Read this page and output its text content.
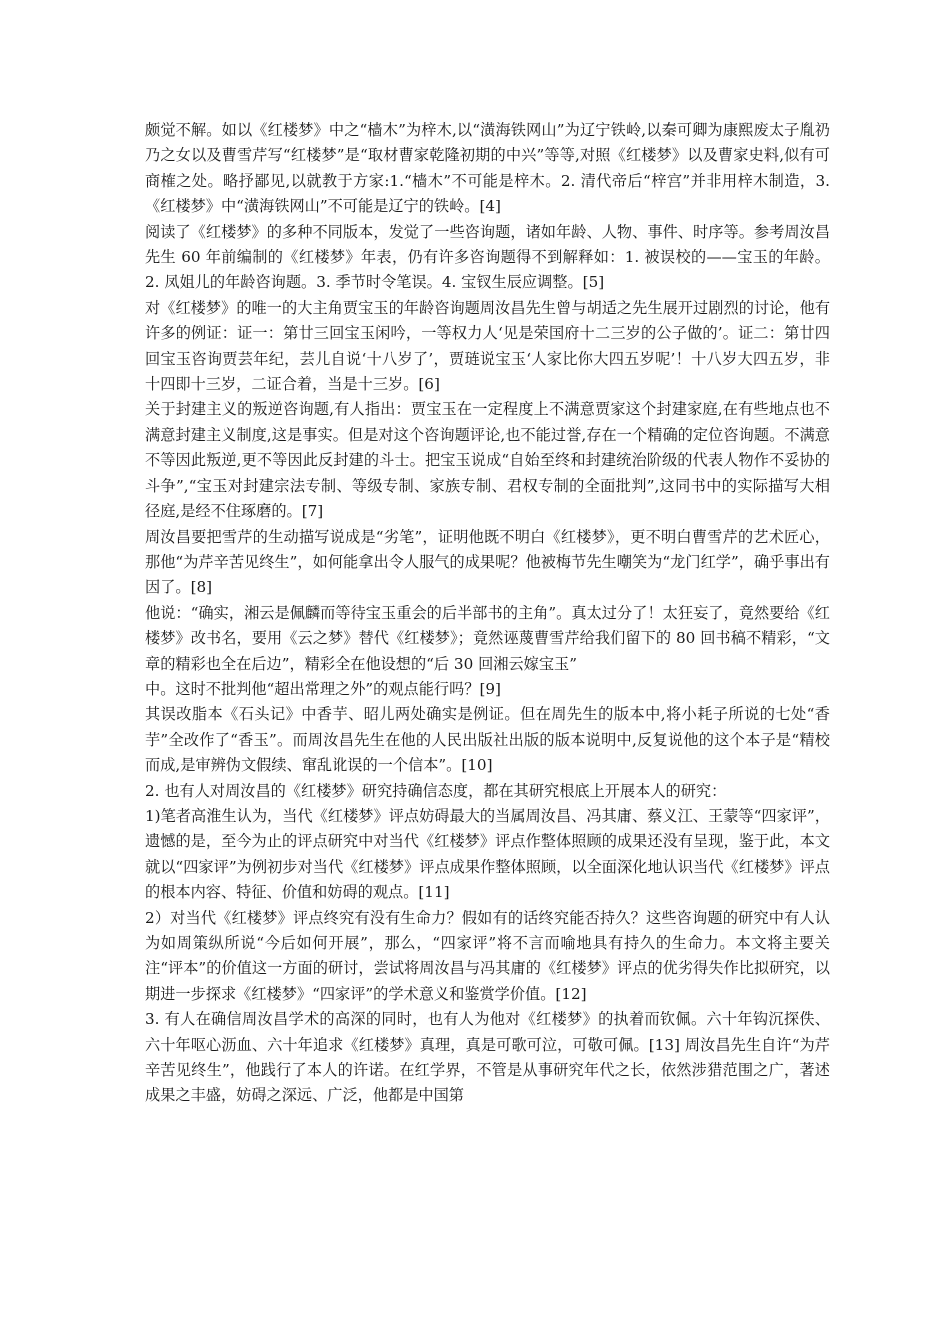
颇觉不解。如以《红楼梦》中之“樯木”为梓木,以“潢海铁网山”为辽宁铁岭,以秦可卿为康熙废太子胤礽乃之女以及曹雪芹写“红楼梦”是“取材曹家乾隆初期的中兴”等等,对照《红楼梦》以及曹家史料,似有可商榷之处。略抒鄙见,以就教于方家:1.“樯木”不可能是梓木。2. 清代帝后“梓宫”并非用梓木制造，3. 《红楼梦》中“潢海铁网山”不可能是辽宁的铁岭。[4]

阅读了《红楼梦》的多种不同版本，发觉了一些咨询题，诸如年龄、人物、事件、时序等。参考周汝昌先生 60 年前编制的《红楼梦》年表，仍有许多咨询题得不到解释如：1. 被误校的——宝玉的年龄。2. 凤姐儿的年龄咨询题。3. 季节时令笔误。4. 宝钗生辰应调整。[5]

对《红楼梦》的唯一的大主角贾宝玉的年龄咨询题周汝昌先生曾与胡适之先生展开过剧烈的讨论，他有许多的例证：证一：第廿三回宝玉闲吟，一等权力人‘见是荣国府十二三岁的公子做的’。证二：第廿四回宝玉咨询贾芸年纪，芸儿自说‘十八岁了’，贾琏说宝玉‘人家比你大四五岁呢’！十八岁大四五岁，非十四即十三岁，二证合着，当是十三岁。[6]

关于封建主义的叛逆咨询题,有人指出：贾宝玉在一定程度上不满意贾家这个封建家庭,在有些地点也不满意封建主义制度,这是事实。但是对这个咨询题评论,也不能过誉,存在一个精确的定位咨询题。不满意不等因此叛逆,更不等因此反封建的斗士。把宝玉说成“自始至终和封建统治阶级的代表人物作不妥协的斗争”,“宝玉对封建宗法专制、等级专制、家族专制、君权专制的全面批判”,这同书中的实际描写大相径庭,是经不住琢磨的。[7]

周汝昌要把雪芹的生动描写说成是“劣笔”，证明他既不明白《红楼梦》，更不明白曹雪芹的艺术匠心，那他“为芹辛苦见终生”，如何能拿出令人服气的成果呢？他被梅节先生嘲笑为“龙门红学”，确乎事出有因了。[8]

他说：“确实，湘云是佩麟而等待宝玉重会的后半部书的主角”。真太过分了！太狂妄了，竟然要给《红楼梦》改书名，要用《云之梦》替代《红楼梦》；竟然诬蔑曹雪芹给我们留下的 80 回书稿不精彩，“文章的精彩也全在后边”，精彩全在他设想的“后 30 回湘云嫁宝玉”

中。这时不批判他“超出常理之外”的观点能行吗？[9]

其误改脂本《石头记》中香芋、昭儿两处确实是例证。但在周先生的版本中,将小耗子所说的七处“香芋”全改作了“香玉”。而周汝昌先生在他的人民出版社出版的版本说明中,反复说他的这个本子是“精校而成,是审辨伪文假续、窜乱讹误的一个信本”。[10]

2. 也有人对周汝昌的《红楼梦》研究持确信态度，都在其研究根底上开展本人的研究：

1)笔者高淮生认为，当代《红楼梦》评点妨碍最大的当属周汝昌、冯其庸、蔡义江、王蒙等“四家评”，遗憾的是，至今为止的评点研究中对当代《红楼梦》评点作整体照顾的成果还没有呈现，鉴于此，本文就以“四家评”为例初步对当代《红楼梦》评点成果作整体照顾，以全面深化地认识当代《红楼梦》评点的根本内容、特征、价值和妨碍的观点。[11]

2）对当代《红楼梦》评点终究有没有生命力？假如有的话终究能否持久？这些咨询题的研究中有人认为如周策纵所说“今后如何开展”，那么，“四家评”将不言而喻地具有持久的生命力。本文将主要关注“评本”的价值这一方面的研讨，尝试将周汝昌与冯其庸的《红楼梦》评点的优劣得失作比拟研究，以期进一步探求《红楼梦》“四家评”的学术意义和鉴赏学价值。[12]

3. 有人在确信周汝昌学术的高深的同时，也有人为他对《红楼梦》的执着而钦佩。六十年钩沉探佚、六十年呕心沥血、六十年追求《红楼梦》真理，真是可歌可泣，可敬可佩。[13] 周汝昌先生自许“为芹辛苦见终生”，他践行了本人的许诺。在红学界，不管是从事研究年代之长，依然涉猎范围之广，著述成果之丰盛，妨碍之深远、广泛，他都是中国第
